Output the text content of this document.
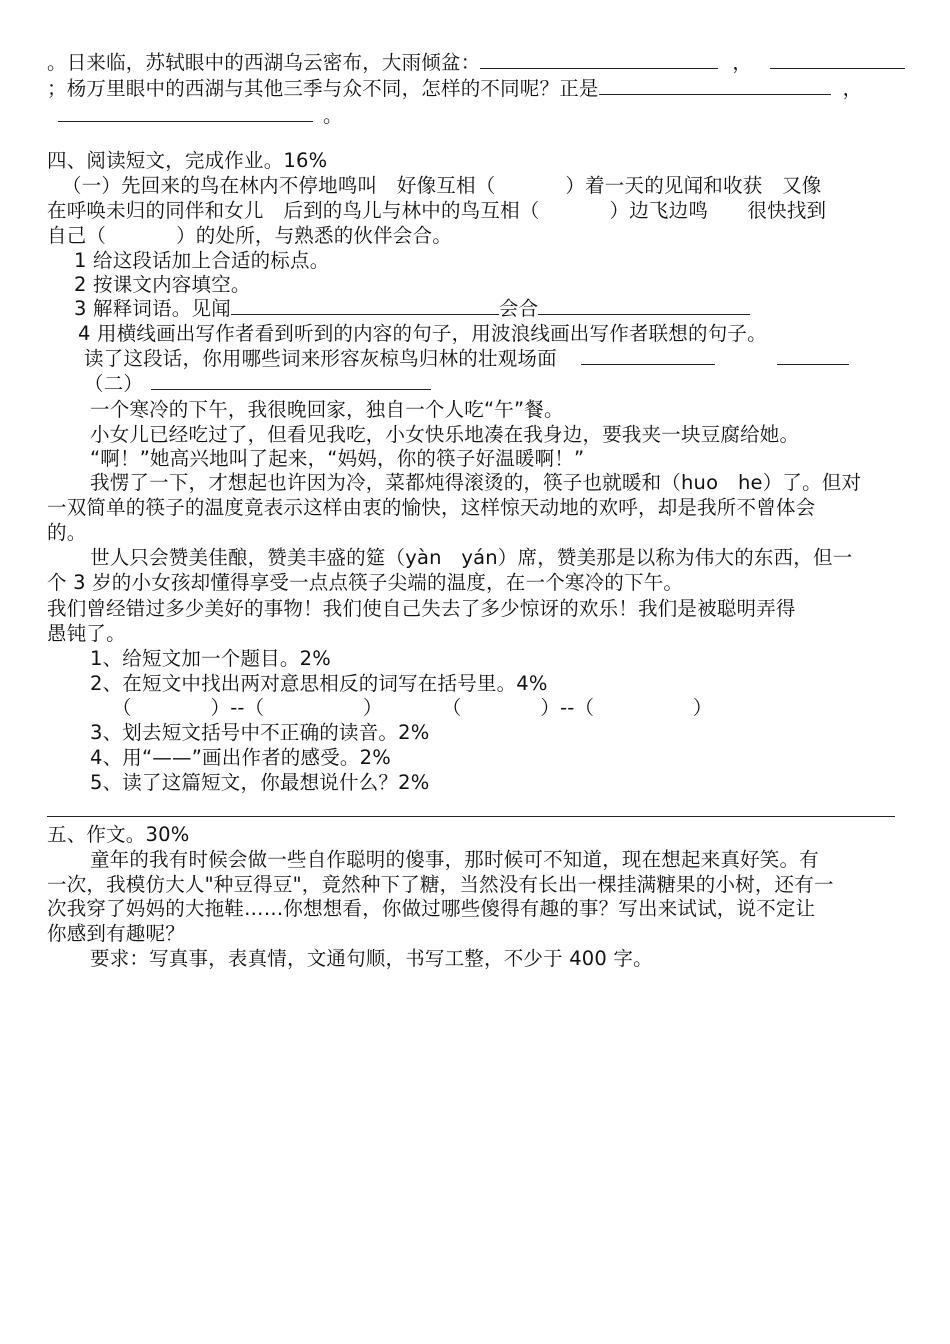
。日来临，苏轼眼中的西湖乌云密布，大雨倾盆：	，
；杨万里眼中的西湖与其他三季与众不同，怎样的不同呢？正是	，
。
四、阅读短文，完成作业。16%
（一）先回来的鸟在林内不停地鸣叫　好像互相（	）着一天的见闻和收获　又像
在呼唤未归的同伴和女儿　后到的鸟儿与林中的鸟互相（	）边飞边鸣　　很快找到
自己（	）的处所，与熟悉的伙伴会合。
1 给这段话加上合适的标点。
2 按课文内容填空。
3 解释词语。见闻	会合
4 用横线画出写作者看到听到的内容的句子，用波浪线画出写作者联想的句子。
读了这段话，你用哪些词来形容灰椋鸟归林的壮观场面
（二）
一个寒冷的下午，我很晚回家，独自一个人吃“午”餐。
小女儿已经吃过了，但看见我吃，小女快乐地凑在我身边，要我夹一块豆腐给她。
“啊！”她高兴地叫了起来，“妈妈，你的筷子好温暖啊！”
我愣了一下，才想起也许因为冷，菜都炖得滚烫的，筷子也就暖和（huo　he）了。但对
一双简单的筷子的温度竟表示这样由衷的愉快，这样惊天动地的欢呼，却是我所不曾体会
的。
世人只会赞美佳酿，赞美丰盛的筵（yàn　yán）席，赞美那是以称为伟大的东西，但一
个 3 岁的小女孩却懂得享受一点点筷子尖端的温度，在一个寒冷的下午。
我们曾经错过多少美好的事物！我们使自己失去了多少惊讶的欢乐！我们是被聪明弄得
愚钝了。
1、给短文加一个题目。2%
2、在短文中找出两对意思相反的词写在括号里。4%
（　　　　）--（　　　　　）　　　　（　　　　）--（　　　　　）
3、划去短文括号中不正确的读音。2%
4、用“——”画出作者的感受。2%
5、读了这篇短文，你最想说什么？2%
五、作文。30%
童年的我有时候会做一些自作聪明的傻事，那时候可不知道，现在想起来真好笑。有
一次，我模仿大人"种豆得豆"，竟然种下了糖，当然没有长出一棵挂满糖果的小树，还有一
次我穿了妈妈的大拖鞋……你想想看，你做过哪些傻得有趣的事？写出来试试，说不定让
你感到有趣呢？
要求：写真事，表真情，文通句顺，书写工整，不少于 400 字。
